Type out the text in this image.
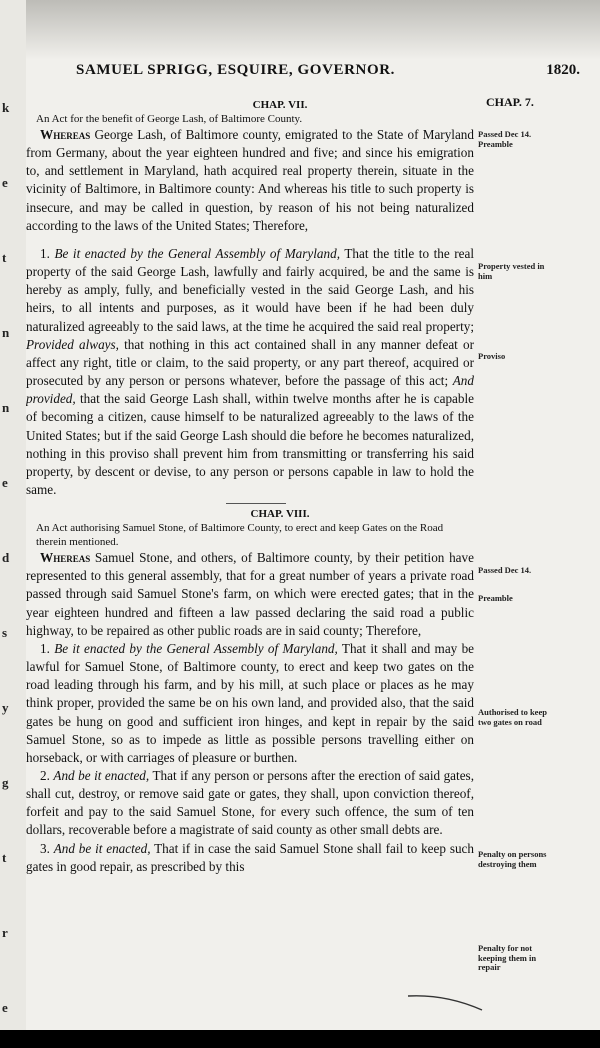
SAMUEL SPRIGG, ESQUIRE, GOVERNOR.	1820.
CHAP. 7.

CHAP. VII.

An Act for the benefit of George Lash, of Baltimore County.

Whereas George Lash, of Baltimore county, emigrated to the State of Maryland from Germany, about the year eighteen hundred and five; and since his emigration to, and settlement in Maryland, hath acquired real property therein, situate in the vicinity of Baltimore, in Baltimore county: And whereas his title to such property is insecure, and may be called in question, by reason of his not being naturalized according to the laws of the United States; Therefore,

1. Be it enacted by the General Assembly of Maryland, That the title to the real property of the said George Lash, lawfully and fairly acquired, be and the same is hereby as amply, fully, and beneficially vested in the said George Lash, and his heirs, to all intents and purposes, as it would have been if he had been duly naturalized agreeably to the said laws, at the time he acquired the said real property; Provided always, that nothing in this act contained shall in any manner defeat or affect any right, title or claim, to the said property, or any part thereof, acquired or prosecuted by any person or persons whatever, before the passage of this act; And provided, that the said George Lash shall, within twelve months after he is capable of becoming a citizen, cause himself to be naturalized agreeably to the laws of the United States; but if the said George Lash should die before he becomes naturalized, nothing in this proviso shall prevent him from transmitting or transferring his said property, by descent or devise, to any person or persons capable in law to hold the same.

CHAP. VIII.

An Act authorising Samuel Stone, of Baltimore County, to erect and keep Gates on the Road therein mentioned.

Whereas Samuel Stone, and others, of Baltimore county, by their petition have represented to this general assembly, that for a great number of years a private road passed through said Samuel Stone's farm, on which were erected gates; that in the year eighteen hundred and fifteen a law passed declaring the said road a public highway, to be repaired as other public roads are in said county; Therefore,

1. Be it enacted by the General Assembly of Maryland, That it shall and may be lawful for Samuel Stone, of Baltimore county, to erect and keep two gates on the road leading through his farm, and by his mill, at such place or places as he may think proper, provided the same be on his own land, and provided also, that the said gates be hung on good and sufficient iron hinges, and kept in repair by the said Samuel Stone, so as to impede as little as possible persons travelling either on horseback, or with carriages of pleasure or burthen.

2. And be it enacted, That if any person or persons after the erection of said gates, shall cut, destroy, or remove said gate or gates, they shall, upon conviction thereof, forfeit and pay to the said Samuel Stone, for every such offence, the sum of ten dollars, recoverable before a magistrate of said county as other small debts are.

3. And be it enacted, That if in case the said Samuel Stone shall fail to keep such gates in good repair, as prescribed by this

Passed Dec 14.
Preamble
Property vested in him
Proviso
Passed Dec 14.
Preamble
Authorised to keep two gates on road
Penalty on persons destroying them
Penalty for not keeping them in repair
k
e
t
n
n
e
d
s
y
g
t
r
e
